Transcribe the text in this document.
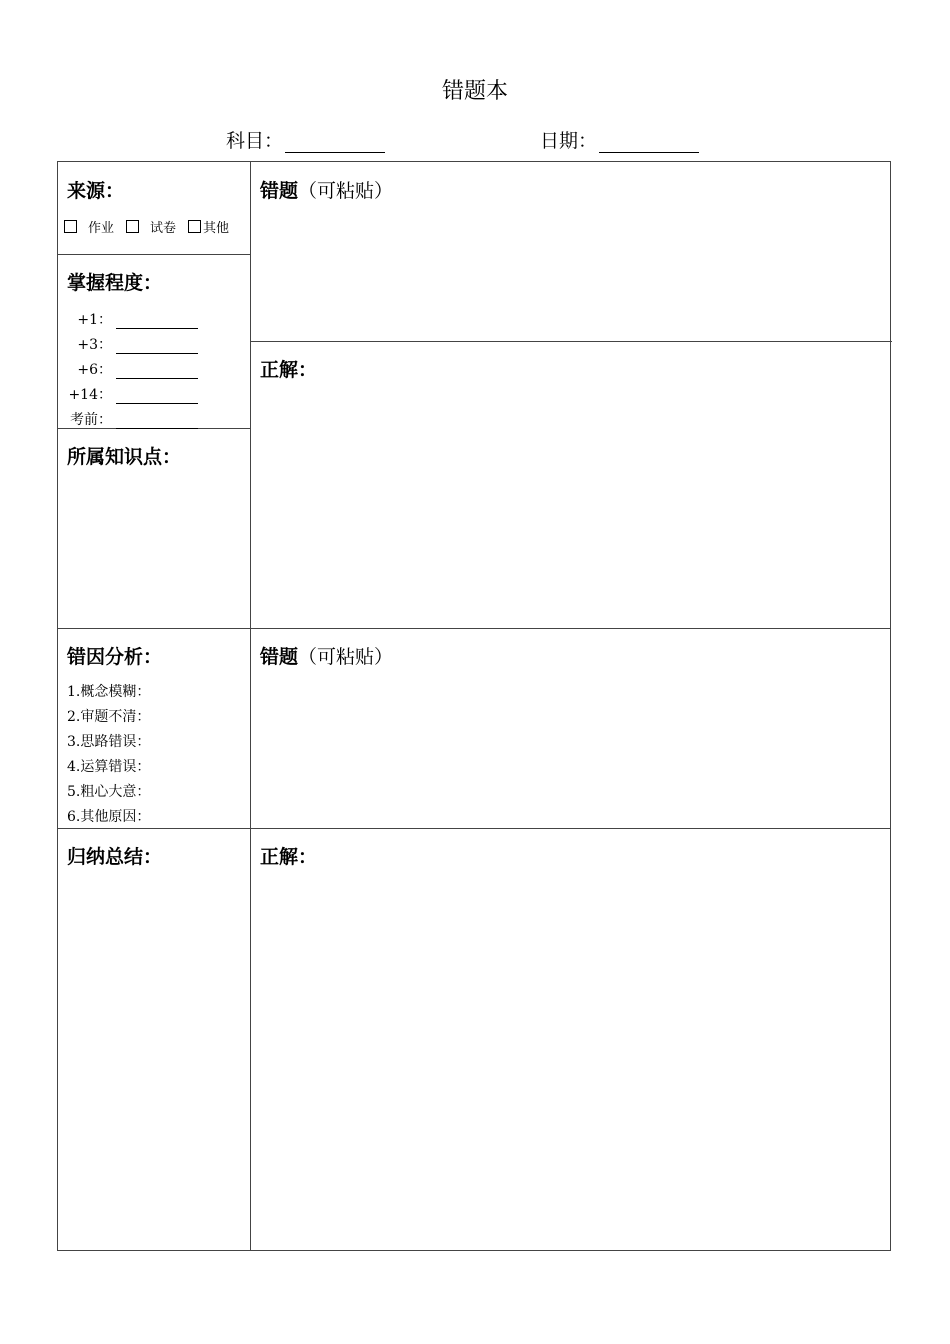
错题本
科目：	日期：
来源：
作业	试卷 其他
掌握程度：
+1：
+3：
+6：
+14：
考前：
所属知识点：
错因分析：
1.概念模糊：
2.审题不清：
3.思路错误：
4.运算错误：
5.粗心大意：
6.其他原因：
归纳总结：
错题（可粘贴）
正解：
错题（可粘贴）
正解：
